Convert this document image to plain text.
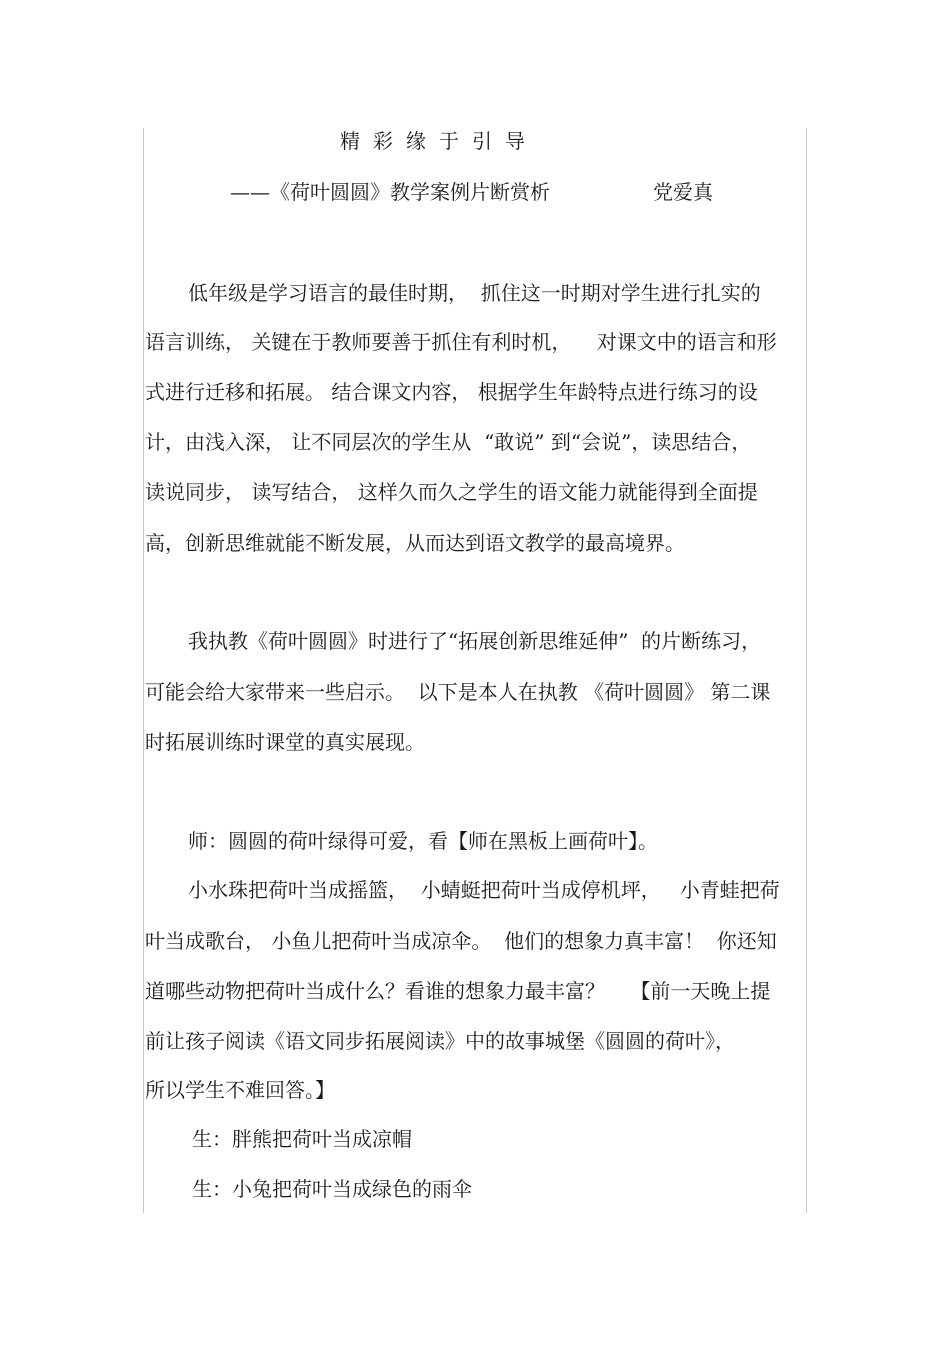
精彩缘于引导
——《荷叶圆圆》教学案例片断赏析	党爱真
低年级是学习语言的最佳时期，  抓住这一时期对学生进行扎实的
语言训练， 关键在于教师要善于抓住有利时机，    对课文中的语言和形
式进行迁移和拓展。 结合课文内容， 根据学生年龄特点进行练习的设
计，由浅入深， 让不同层次的学生从  “敢说” 到“会说”，读思结合，
读说同步， 读写结合， 这样久而久之学生的语文能力就能得到全面提
高，创新思维就能不断发展，从而达到语文教学的最高境界。
我执教《荷叶圆圆》时进行了“拓展创新思维延伸”  的片断练习，
可能会给大家带来一些启示。  以下是本人在执教 《荷叶圆圆》 第二课
时拓展训练时课堂的真实展现。
师：圆圆的荷叶绿得可爱，看【师在黑板上画荷叶】。
小水珠把荷叶当成摇篮，  小蜻蜓把荷叶当成停机坪，   小青蛙把荷
叶当成歌台， 小鱼儿把荷叶当成凉伞。  他们的想象力真丰富！  你还知
道哪些动物把荷叶当成什么？看谁的想象力最丰富？    【前一天晚上提
前让孩子阅读《语文同步拓展阅读》中的故事城堡《圆圆的荷叶》，
所以学生不难回答。】
生：胖熊把荷叶当成凉帽
生：小兔把荷叶当成绿色的雨伞
